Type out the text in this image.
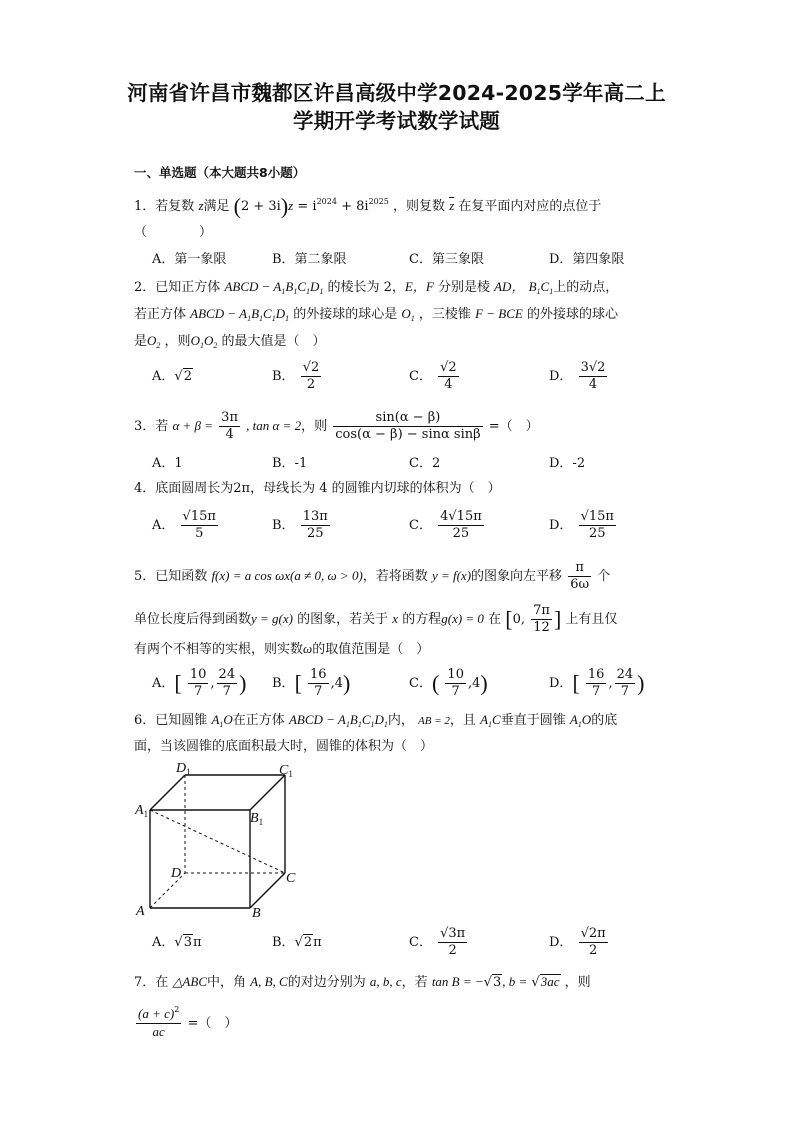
河南省许昌市魏都区许昌高级中学2024-2025学年高二上
学期开学考试数学试题
一、单选题（本大题共8小题）
1．若复数 z满足 $(2 + 3i)z = i^{2024} + 8i^{2025}$ ，则复数 $\overline{z}$ 在复平面内对应的点位于
（　　　　）
A．第一象限	B．第二象限	C．第三象限	D．第四象限
2．已知正方体 ABCD − $A_1B_1C_1D_1$ 的棱长为 2，E，F 分别是棱 AD， $B_1C_1$上的动点，
若正方体 ABCD − $A_1B_1C_1D_1$ 的外接球的球心是 $O_1$ ，三棱锥 F − BCE 的外接球的球心
是$O_2$ ，则$O_1O_2$ 的最大值是（　）
A．√2	B． $\frac{√2}{2}$	C． $\frac{√2}{4}$	D． $\frac{3√2}{4}$
3．若 $\alpha + \beta = \frac{3\pi}{4}$ , tan α = 2，则 $\frac{\sin(\alpha - \beta)}{\text{cos(α − β) − sinα sinβ}}$ =（　）
A．1	B．-1	C．2	D．-2
4．底面圆周长为2π，母线长为 4 的圆锥内切球的体积为（　）
A． $\frac{√15\pi}{5}$	B． $\frac{13\pi}{25}$	C． $\frac{4√15\pi}{25}$	D． $\frac{√15\pi}{25}$
5．已知函数 f(x) = a cos ωx(a ≠ 0, ω > 0)，若将函数 y = f(x)的图象向左平移 $\frac{\pi}{6\omega}$ 个
单位长度后得到函数y = g(x) 的图象，若关于 x 的方程g(x) = 0 在 [0, $\frac{7\pi}{12}$ ] 上有且仅
有两个不相等的实根，则实数ω的取值范围是（　）
A．[ $\frac{10}{7}$ , $\frac{24}{7}$ ) B．[ $\frac{16}{7} ,4$)	C．( $\frac{10}{7} ,4$)	D．[ $\frac{16}{7}$ , $\frac{24}{7}$ )
6．已知圆锥 $A_1O$在正方体 ABCD − $A_1B_1C_1D_1$内， AB = 2，且 $A_1C$垂直于圆锥 $A_1O$的底
面，当该圆锥的底面积最大时，圆锥的体积为（　）
$D_1$	$C_1$
$A_1$	$B_1$
D	C
A	B
A．√3π	B．√2π	C． $\frac{√3\pi}{2}$	D． $\frac{√2\pi}{2}$
7．在 △ABC中，角 A, B, C的对边分别为 a, b, c，若 tan B = −√3, b = √3ac ，则
$\frac{(a + c)^2}{ac}$ =（　）
